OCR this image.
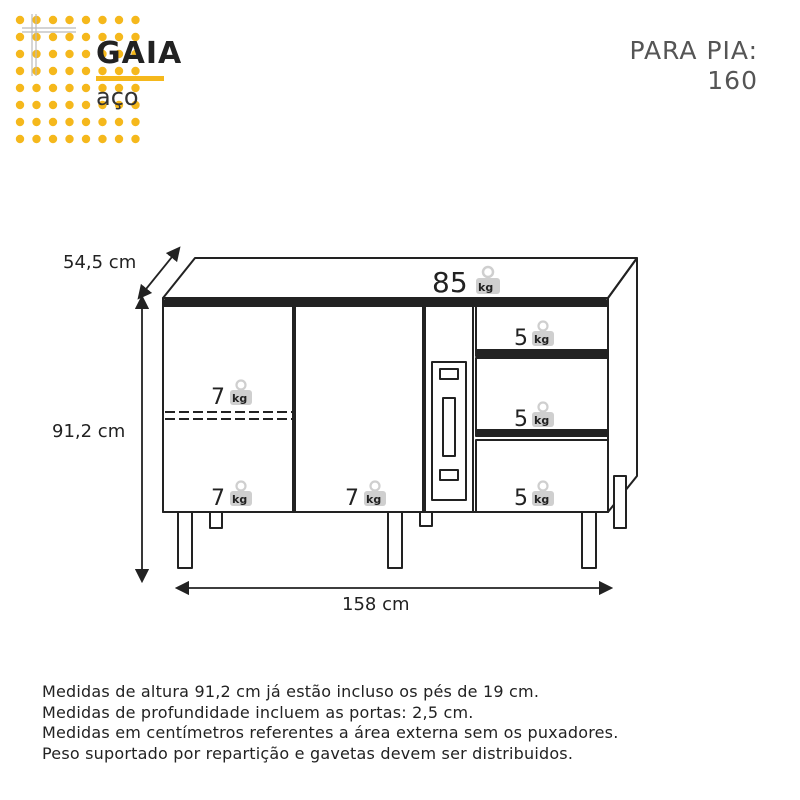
GAIA
aço
PARA PIA:
160
54,5 cm
91,2 cm
158 cm
85 kg
5 kg
5 kg
5 kg
7 kg
7 kg	7 kg
Medidas de altura 91,2 cm já estão incluso os pés de 19 cm.
Medidas de profundidade incluem as portas: 2,5 cm.
Medidas em centímetros referentes a área externa sem os puxadores.
Peso suportado por repartição e gavetas devem ser distribuidos.
